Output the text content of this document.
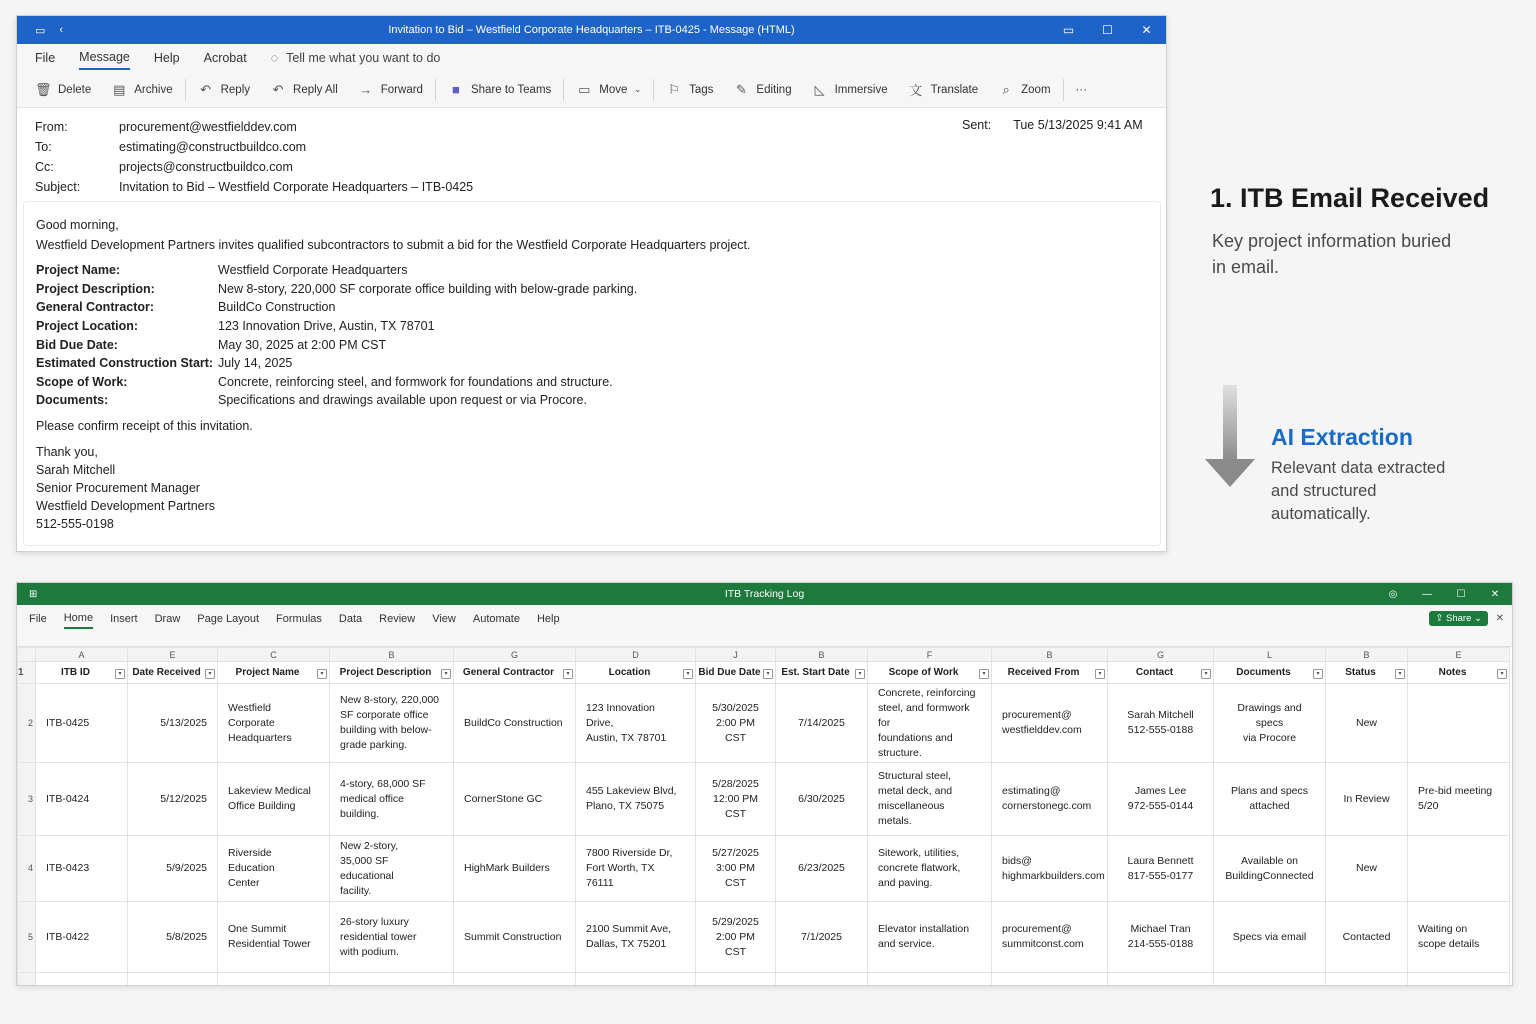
▭ ‹	Invitation to Bid – Westfield Corporate Headquarters – ITB-0425 - Message (HTML)	▭	☐	✕
File Message Help Acrobat ◌ Tell me what you want to do
🗑 Delete ▤ Archive ↶ Reply ↶ Reply All → Forward	■ Share to Teams ▭ Move ⌄ ⚐ Tags ✎ Editing ◺ Immersive 文 Translate	⌕ Zoom ···
From:	procurement@westfielddev.com
To:	estimating@constructbuildco.com
Cc:	projects@constructbuildco.com
Subject:	Invitation to Bid – Westfield Corporate Headquarters – ITB-0425
Sent: Tue 5/13/2025 9:41 AM

Good morning,

Westfield Development Partners invites qualified subcontractors to submit a bid for the Westfield Corporate Headquarters project.

Project Name:	Westfield Corporate Headquarters
Project Description:	New 8-story, 220,000 SF corporate office building with below-grade parking.
General Contractor:	BuildCo Construction
Project Location:	123 Innovation Drive, Austin, TX 78701
Bid Due Date:	May 30, 2025 at 2:00 PM CST
Estimated Construction Start: July 14, 2025
Scope of Work:	Concrete, reinforcing steel, and formwork for foundations and structure.
Documents:	Specifications and drawings available upon request or via Procore.

Please confirm receipt of this invitation.

Thank you,

Sarah Mitchell

Senior Procurement Manager

Westfield Development Partners

512-555-0198

1. ITB Email Received
Key project information buried in email.
AI Extraction
Relevant data extracted and structured automatically.
⊞	ITB Tracking Log	◎	—	☐	✕
⇪ Share ⌄	✕
File Home Insert Draw Page Layout Formulas Data Review View Automate Help
	A	E	C	B	G	D	J	B	F	B	G	L	B	E
1	ITB ID ▾	Date Received ▾	Project Name ▾	Project Description ▾	General Contractor ▾	Location ▾	Bid Due Date ▾	Est. Start Date ▾	Scope of Work ▾	Received From ▾	Contact ▾	Documents ▾	Status ▾	Notes ▾

2	ITB-0425	5/13/2025	Westfield Corporate
Headquarters	New 8-story, 220,000
SF corporate office
building with below-
grade parking.	BuildCo Construction	123 Innovation Drive,
Austin, TX 78701	5/30/2025
2:00 PM CST	7/14/2025	Concrete, reinforcing
steel, and formwork for
foundations and
structure.	procurement@
westfielddev.com	Sarah Mitchell
512-555-0188	Drawings and specs
via Procore	New	
3	ITB-0424	5/12/2025	Lakeview Medical
Office Building	4-story, 68,000 SF
medical office
building.	CornerStone GC	455 Lakeview Blvd,
Plano, TX 75075	5/28/2025
12:00 PM CST	6/30/2025	Structural steel,
metal deck, and
miscellaneous metals.	estimating@
cornerstonegc.com	James Lee
972-555-0144	Plans and specs
attached	In Review	Pre-bid meeting
5/20
4	ITB-0423	5/9/2025	Riverside Education
Center	New 2-story,
35,000 SF educational
facility.	HighMark Builders	7800 Riverside Dr,
Fort Worth, TX 76111	5/27/2025
3:00 PM CST	6/23/2025	Sitework, utilities,
concrete flatwork,
and paving.	bids@
highmarkbuilders.com	Laura Bennett
817-555-0177	Available on
BuildingConnected	New	
5	ITB-0422	5/8/2025	One Summit
Residential Tower	26-story luxury
residential tower
with podium.	Summit Construction	2100 Summit Ave,
Dallas, TX 75201	5/29/2025
2:00 PM CST	7/1/2025	Elevator installation
and service.	procurement@
summitconst.com	Michael Tran
214-555-0188	Specs via email	Contacted	Waiting on
scope details
